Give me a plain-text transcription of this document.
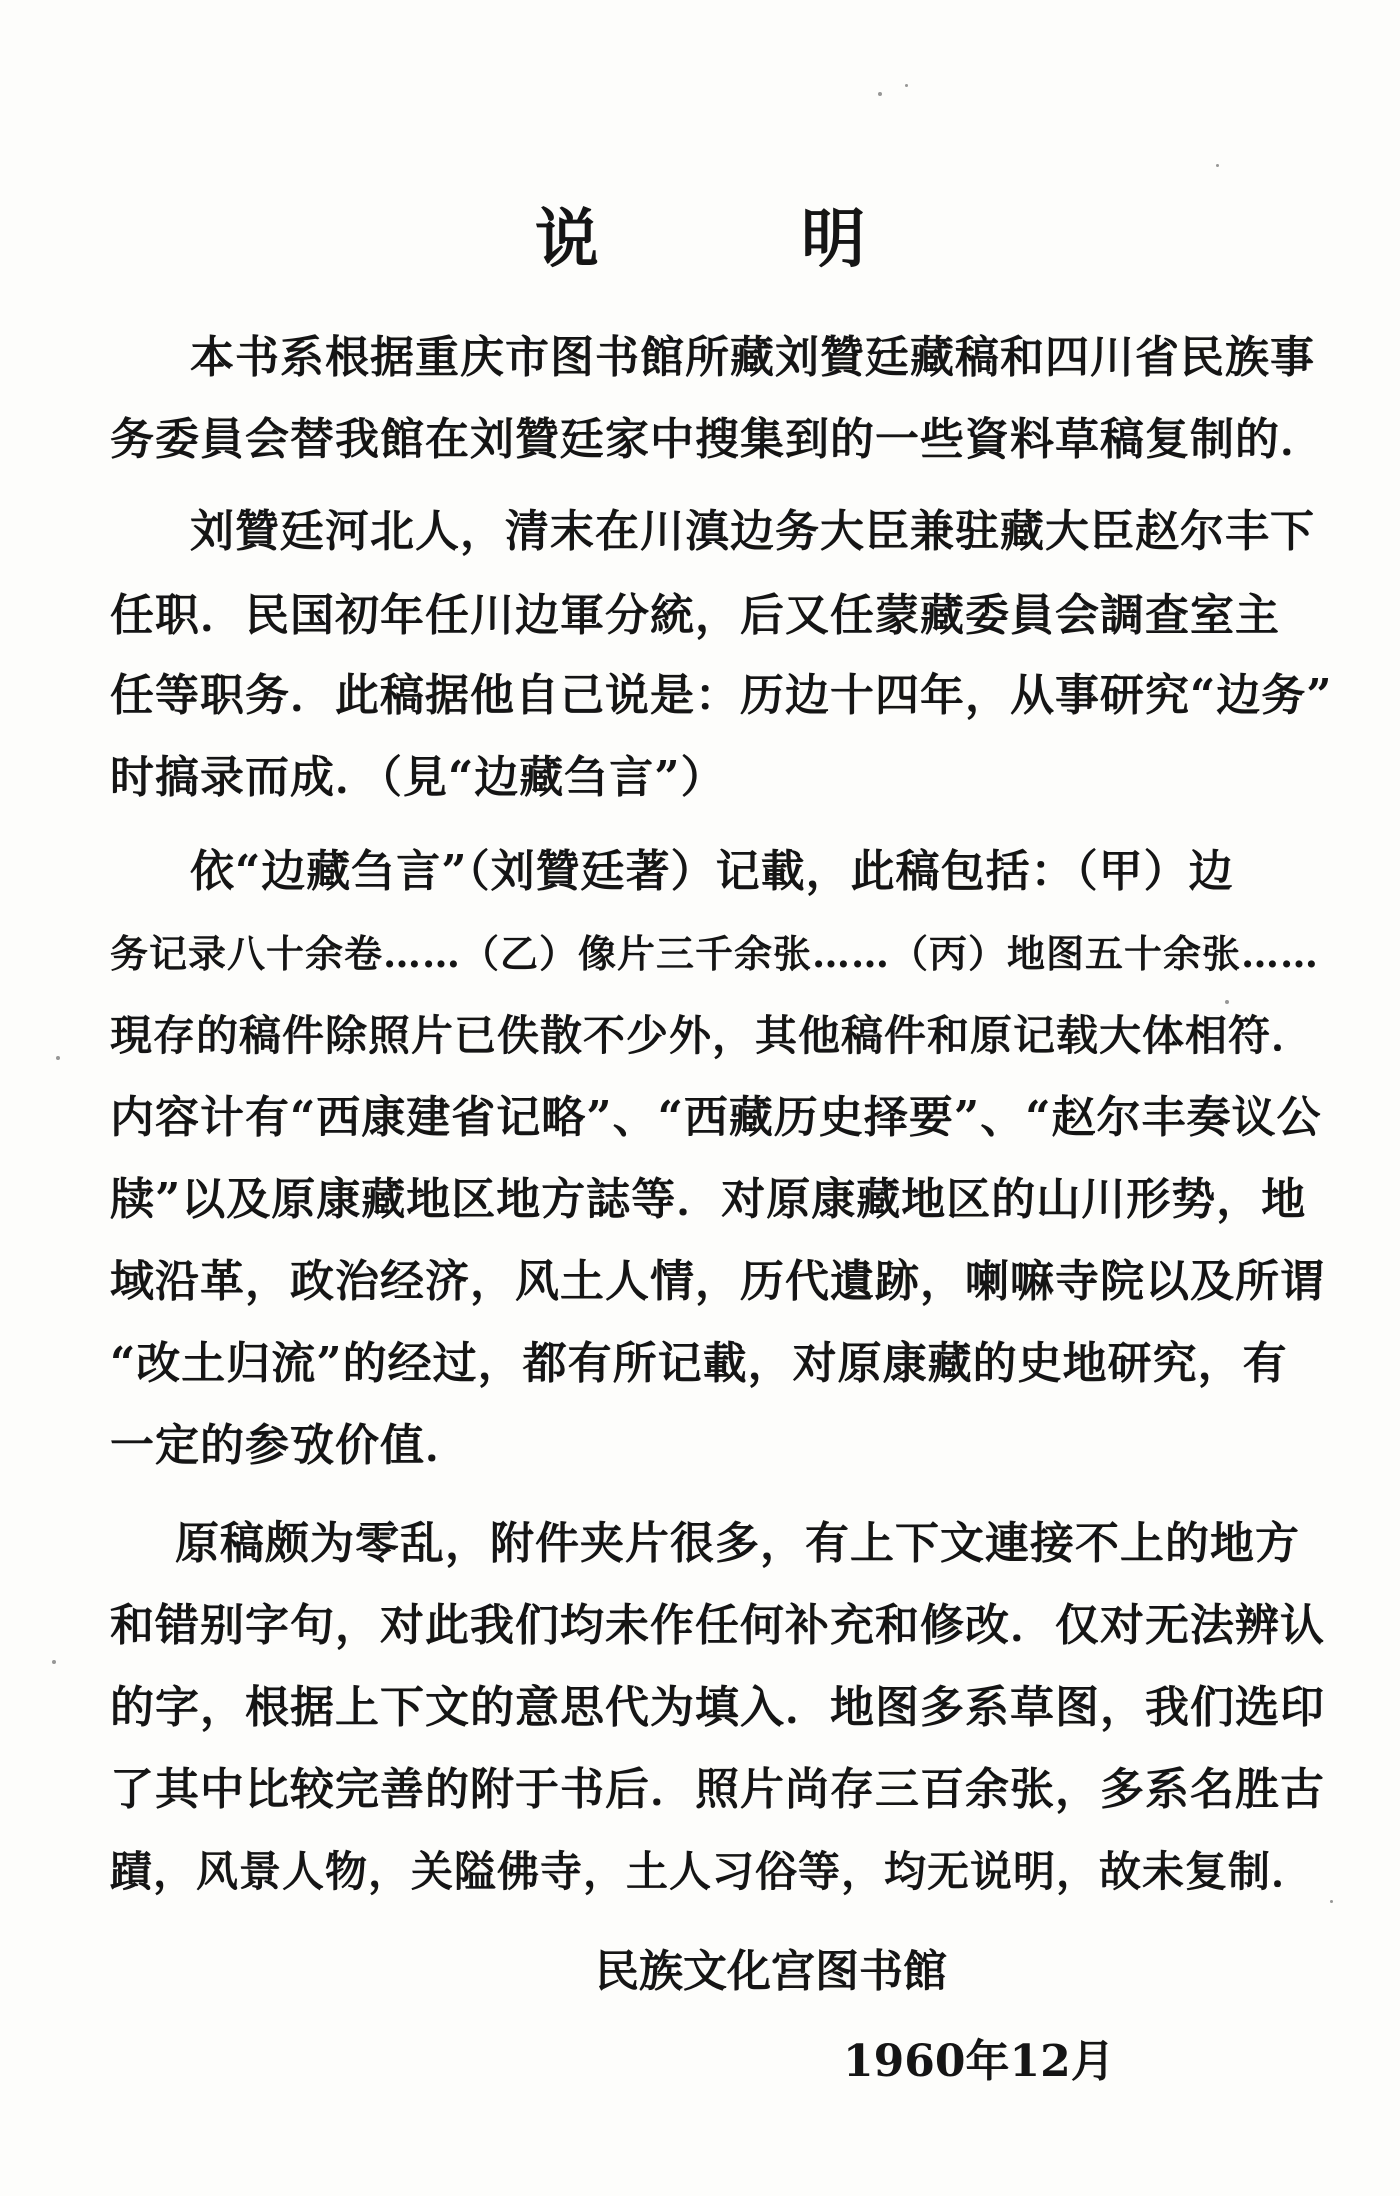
说 明
本书系根据重庆市图书館所藏刘贊廷藏稿和四川省民族事
务委員会替我館在刘贊廷家中搜集到的一些資料草稿复制的．
刘贊廷河北人，清末在川滇边务大臣兼驻藏大臣赵尔丰下
任职．民国初年任川边軍分統，后又任蒙藏委員会調查室主
任等职务．此稿据他自己说是：历边十四年，从事研究“边务”
时搞录而成．（見“边藏刍言”）
依“边藏刍言”（刘贊廷著）记載，此稿包括：（甲）边
务记录八十余卷……（乙）像片三千余张……（丙）地图五十余张……
現存的稿件除照片已佚散不少外，其他稿件和原记载大体相符．
内容计有“西康建省记略”、“西藏历史择要”、“赵尔丰奏议公
牍”以及原康藏地区地方誌等．对原康藏地区的山川形势，地
域沿革，政治经济，风土人情，历代遺跡，喇嘛寺院以及所谓
“改土归流”的经过，都有所记載，对原康藏的史地研究，有
一定的参攷价值．
原稿颇为零乱，附件夹片很多，有上下文連接不上的地方
和错别字句，对此我们均未作任何补充和修改．仅对无法辨认
的字，根据上下文的意思代为填入．地图多系草图，我们选印
了其中比较完善的附于书后．照片尚存三百余张，多系名胜古
蹟，风景人物，关隘佛寺，土人习俗等，均无说明，故未复制．
民族文化宫图书館
1960年12月
